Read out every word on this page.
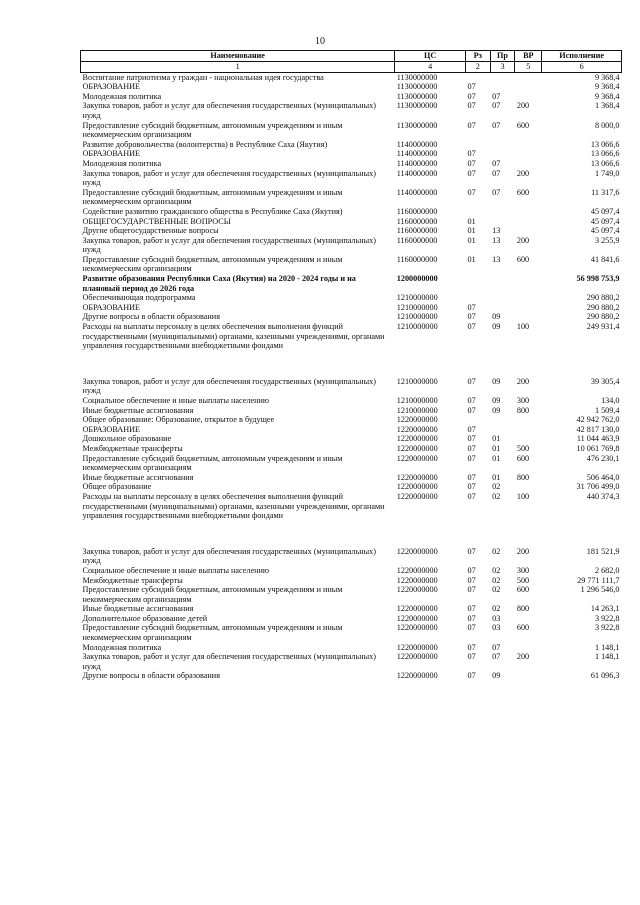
10
Наименование	ЦС	Рз	Пр	ВР	Исполнение
1	4	2	3	5	6
Воспитание патриотизма у граждан - национальная идея государства	1130000000				9 368,4
ОБРАЗОВАНИЕ	1130000000	07			9 368,4
Молодежная политика	1130000000	07	07		9 368,4
Закупка товаров, работ и услуг для обеспечения государственных (муниципальных) нужд	1130000000	07	07	200	1 368,4
Предоставление субсидий бюджетным, автономным учреждениям и иным некоммерческим организациям	1130000000	07	07	600	8 000,0
Развитие добровольчества (волонтерства) в Республике Саха (Якутия)	1140000000				13 066,6
ОБРАЗОВАНИЕ	1140000000	07			13 066,6
Молодежная политика	1140000000	07	07		13 066,6
Закупка товаров, работ и услуг для обеспечения государственных (муниципальных) нужд	1140000000	07	07	200	1 749,0
Предоставление субсидий бюджетным, автономным учреждениям и иным некоммерческим организациям	1140000000	07	07	600	11 317,6
Содействие развитию гражданского общества в Республике Саха (Якутия)	1160000000				45 097,4
ОБЩЕГОСУДАРСТВЕННЫЕ ВОПРОСЫ	1160000000	01			45 097,4
Другие общегосударственные вопросы	1160000000	01	13		45 097,4
Закупка товаров, работ и услуг для обеспечения государственных (муниципальных) нужд	1160000000	01	13	200	3 255,9
Предоставление субсидий бюджетным, автономным учреждениям и иным некоммерческим организациям	1160000000	01	13	600	41 841,6
Развитие образования Республики Саха (Якутия) на 2020 - 2024 годы и на плановый период до 2026 года	1200000000				56 998 753,9
Обеспечивающая подпрограмма	1210000000				290 880,2
ОБРАЗОВАНИЕ	1210000000	07			290 880,2
Другие вопросы в области образования	1210000000	07	09		290 880,2
Расходы на выплаты персоналу в целях обеспечения выполнения функций государственными (муниципальными) органами, казенными учреждениями, органами управления государственными внебюджетными фондами	1210000000	07	09	100	249 931,4

Закупка товаров, работ и услуг для обеспечения государственных (муниципальных) нужд	1210000000	07	09	200	39 305,4
Социальное обеспечение и иные выплаты населению	1210000000	07	09	300	134,0
Иные бюджетные ассигнования	1210000000	07	09	800	1 509,4
Общее образование: Образование, открытое в будущее	1220000000				42 942 762,0
ОБРАЗОВАНИЕ	1220000000	07			42 817 130,0
Дошкольное образование	1220000000	07	01		11 044 463,9
Межбюджетные трансферты	1220000000	07	01	500	10 061 769,8
Предоставление субсидий бюджетным, автономным учреждениям и иным некоммерческим организациям	1220000000	07	01	600	476 230,1
Иные бюджетные ассигнования	1220000000	07	01	800	506 464,0
Общее образование	1220000000	07	02		31 706 499,0
Расходы на выплаты персоналу в целях обеспечения выполнения функций государственными (муниципальными) органами, казенными учреждениями, органами управления государственными внебюджетными фондами	1220000000	07	02	100	440 374,3

Закупка товаров, работ и услуг для обеспечения государственных (муниципальных) нужд	1220000000	07	02	200	181 521,9
Социальное обеспечение и иные выплаты населению	1220000000	07	02	300	2 682,0
Межбюджетные трансферты	1220000000	07	02	500	29 771 111,7
Предоставление субсидий бюджетным, автономным учреждениям и иным некоммерческим организациям	1220000000	07	02	600	1 296 546,0
Иные бюджетные ассигнования	1220000000	07	02	800	14 263,1
Дополнительное образование детей	1220000000	07	03		3 922,8
Предоставление субсидий бюджетным, автономным учреждениям и иным некоммерческим организациям	1220000000	07	03	600	3 922,8
Молодежная политика	1220000000	07	07		1 148,1
Закупка товаров, работ и услуг для обеспечения государственных (муниципальных) нужд	1220000000	07	07	200	1 148,1
Другие вопросы в области образования	1220000000	07	09		61 096,3
